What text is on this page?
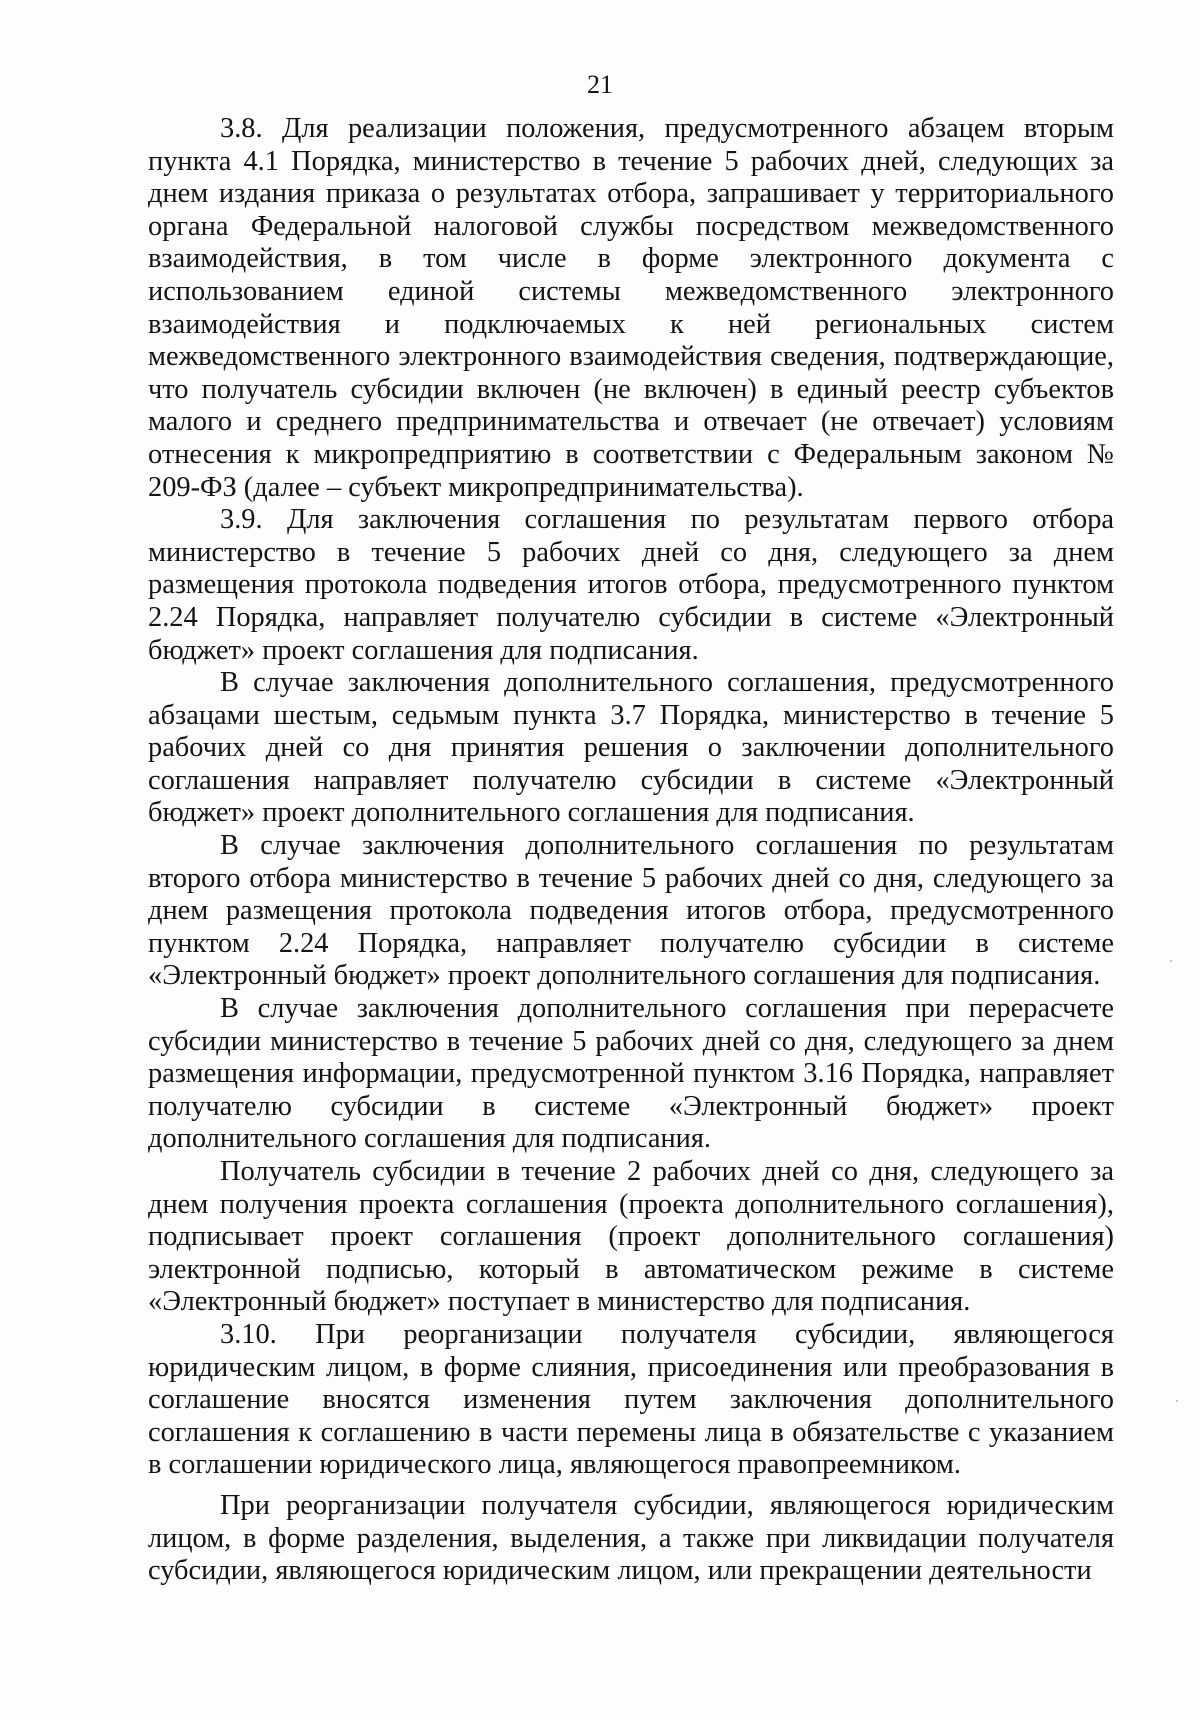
21

3.8. Для реализации положения, предусмотренного абзацем вторым пункта 4.1 Порядка, министерство в течение 5 рабочих дней, следующих за днем издания приказа о результатах отбора, запрашивает у территориального органа Федеральной налоговой службы посредством межведомственного взаимодействия, в том числе в форме электронного документа с использованием единой системы межведомственного электронного взаимодействия и подключаемых к ней региональных систем межведомственного электронного взаимодействия сведения, подтверждающие, что получатель субсидии включен (не включен) в единый реестр субъектов малого и среднего предпринимательства и отвечает (не отвечает) условиям отнесения к микропредприятию в соответствии с Федеральным законом № 209-ФЗ (далее – субъект микропредпринимательства).

3.9. Для заключения соглашения по результатам первого отбора министерство в течение 5 рабочих дней со дня, следующего за днем размещения протокола подведения итогов отбора, предусмотренного пунктом 2.24 Порядка, направляет получателю субсидии в системе «Электронный бюджет» проект соглашения для подписания.

В случае заключения дополнительного соглашения, предусмотренного абзацами шестым, седьмым пункта 3.7 Порядка, министерство в течение 5 рабочих дней со дня принятия решения о заключении дополнительного соглашения направляет получателю субсидии в системе «Электронный бюджет» проект дополнительного соглашения для подписания.

В случае заключения дополнительного соглашения по результатам второго отбора министерство в течение 5 рабочих дней со дня, следующего за днем размещения протокола подведения итогов отбора, предусмотренного пунктом 2.24 Порядка, направляет получателю субсидии в системе «Электронный бюджет» проект дополнительного соглашения для подписания.

В случае заключения дополнительного соглашения при перерасчете субсидии министерство в течение 5 рабочих дней со дня, следующего за днем размещения информации, предусмотренной пунктом 3.16 Порядка, направляет получателю субсидии в системе «Электронный бюджет» проект дополнительного соглашения для подписания.

Получатель субсидии в течение 2 рабочих дней со дня, следующего за днем получения проекта соглашения (проекта дополнительного соглашения), подписывает проект соглашения (проект дополнительного соглашения) электронной подписью, который в автоматическом режиме в системе «Электронный бюджет» поступает в министерство для подписания.

3.10. При реорганизации получателя субсидии, являющегося юридическим лицом, в форме слияния, присоединения или преобразования в соглашение вносятся изменения путем заключения дополнительного соглашения к соглашению в части перемены лица в обязательстве с указанием в соглашении юридического лица, являющегося правопреемником.

При реорганизации получателя субсидии, являющегося юридическим лицом, в форме разделения, выделения, а также при ликвидации получателя субсидии, являющегося юридическим лицом, или прекращении деятельности
